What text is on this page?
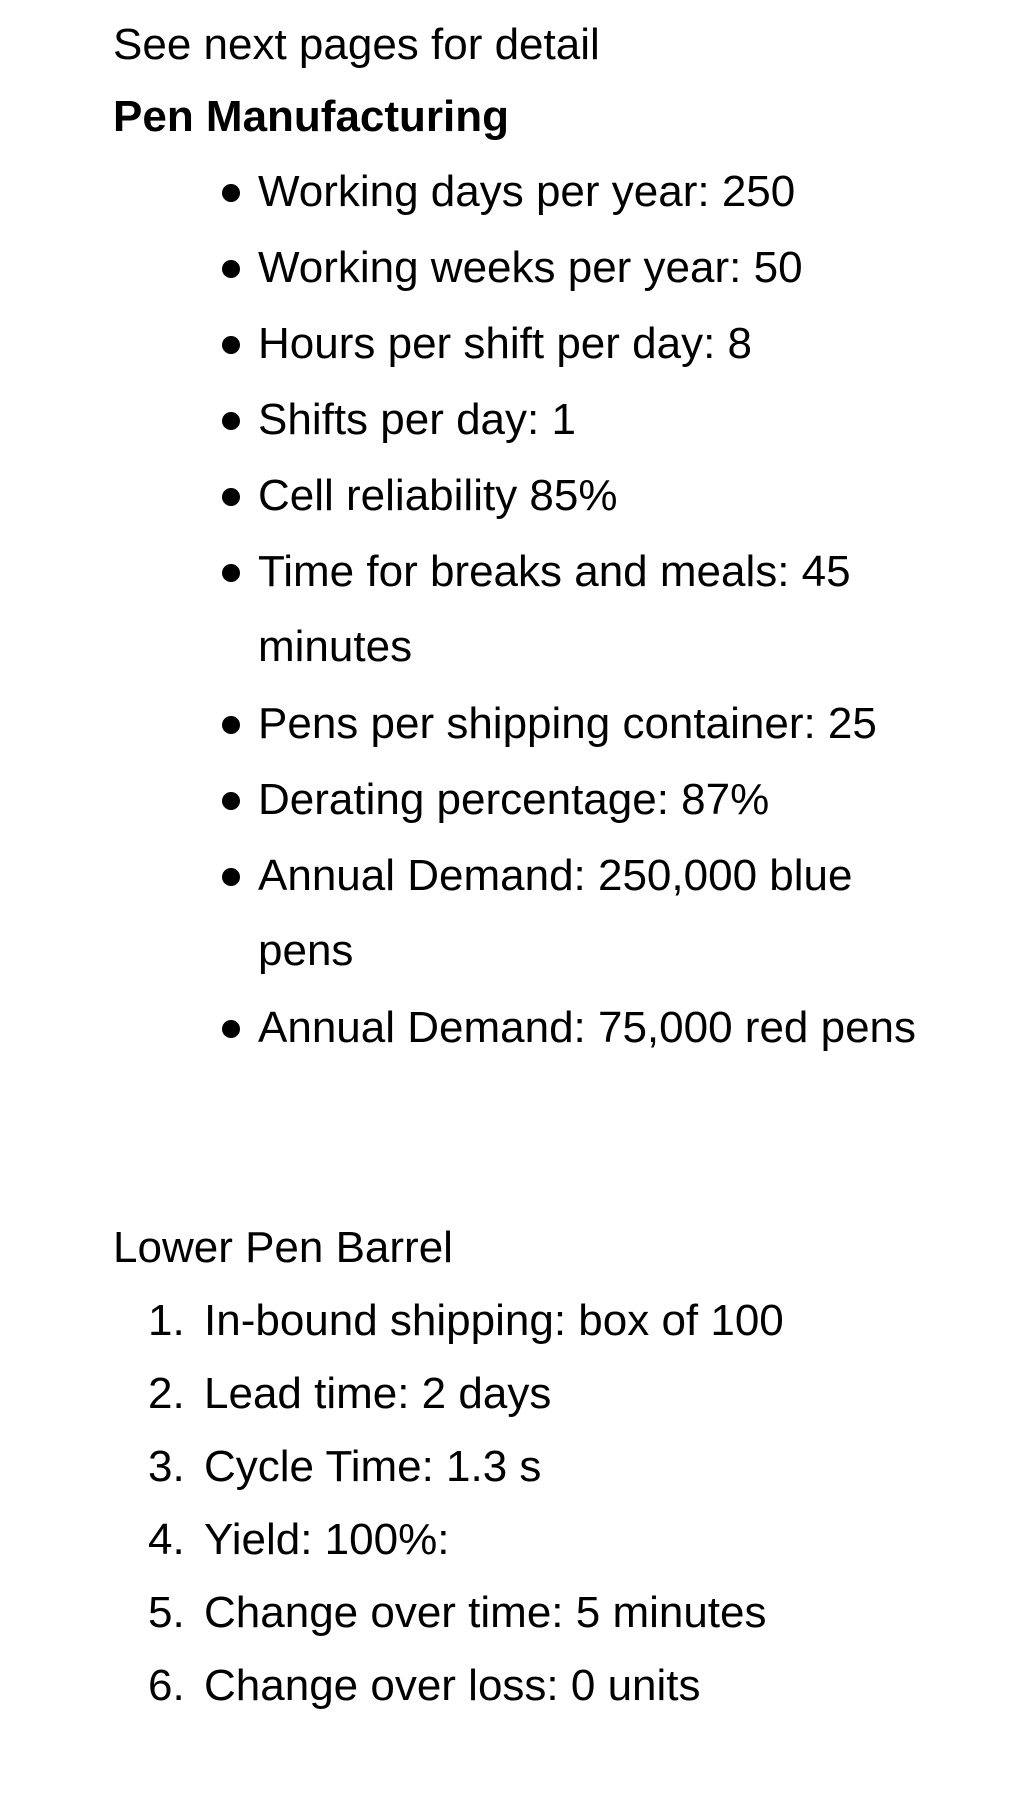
See next pages for detail
Pen Manufacturing
Working days per year: 250
Working weeks per year: 50
Hours per shift per day: 8
Shifts per day: 1
Cell reliability 85%
Time for breaks and meals: 45 minutes
Pens per shipping container: 25
Derating percentage: 87%
Annual Demand: 250,000 blue pens
Annual Demand: 75,000 red pens
Lower Pen Barrel
1. In-bound shipping: box of 100
2. Lead time: 2 days
3. Cycle Time: 1.3 s
4. Yield: 100%:
5. Change over time: 5 minutes
6. Change over loss: 0 units
